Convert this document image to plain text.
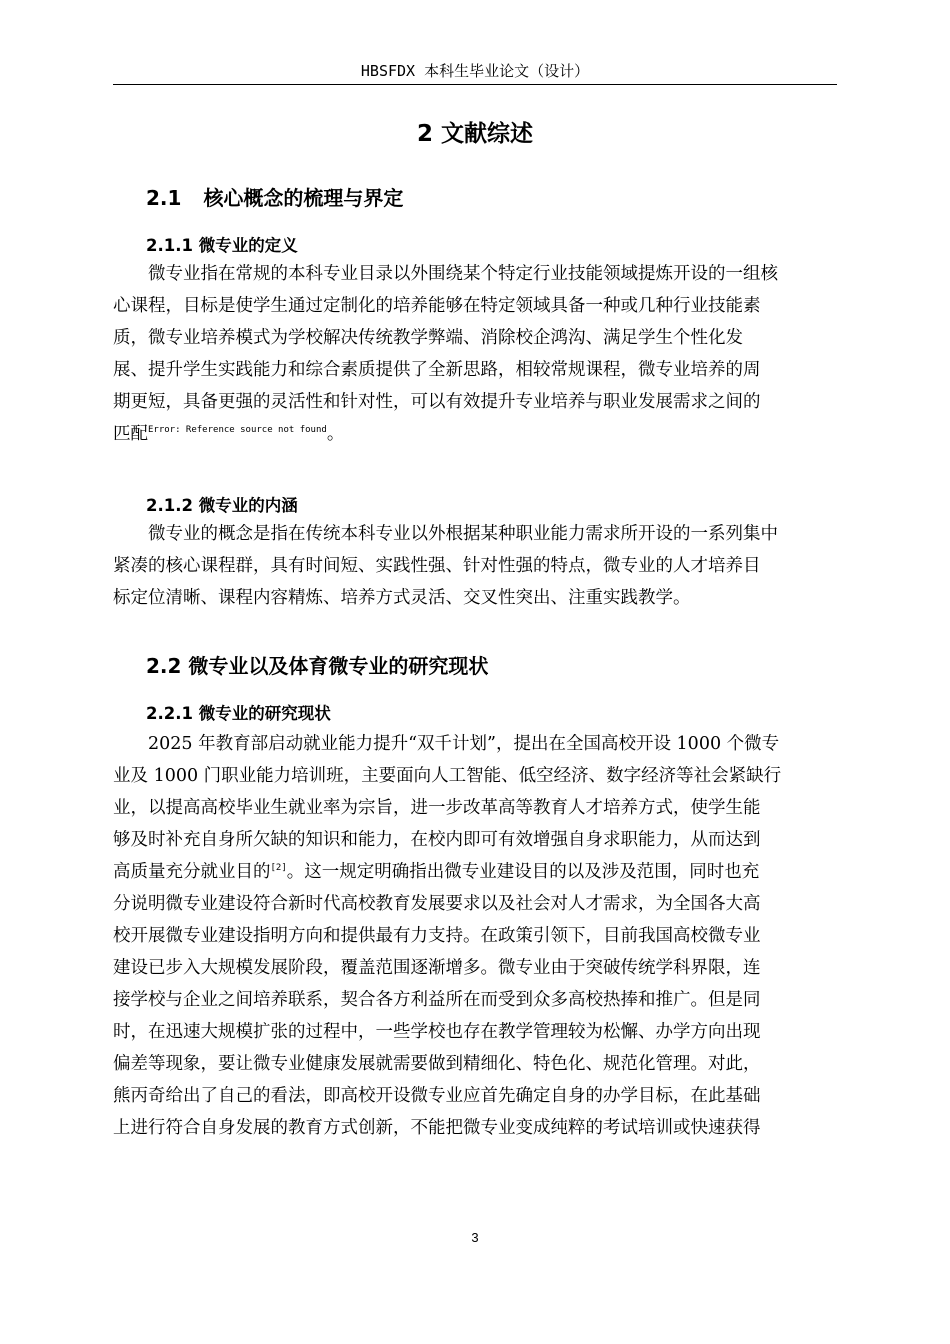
HBSFDX 本科生毕业论文（设计）
2 文献综述
2.1 核心概念的梳理与界定
2.1.1 微专业的定义
微专业指在常规的本科专业目录以外围绕某个特定行业技能领域提炼开设的一组核
心课程，目标是使学生通过定制化的培养能够在特定领域具备一种或几种行业技能素
质，微专业培养模式为学校解决传统教学弊端、消除校企鸿沟、满足学生个性化发
展、提升学生实践能力和综合素质提供了全新思路，相较常规课程，微专业培养的周
期更短，具备更强的灵活性和针对性，可以有效提升专业培养与职业发展需求之间的
匹配$^{Error: Reference source not found}$。
2.1.2 微专业的内涵
微专业的概念是指在传统本科专业以外根据某种职业能力需求所开设的一系列集中
紧凑的核心课程群，具有时间短、实践性强、针对性强的特点，微专业的人才培养目
标定位清晰、课程内容精炼、培养方式灵活、交叉性突出、注重实践教学。
2.2 微专业以及体育微专业的研究现状
2.2.1 微专业的研究现状
2025 年教育部启动就业能力提升“双千计划”，提出在全国高校开设 1000 个微专
业及 1000 门职业能力培训班，主要面向人工智能、低空经济、数字经济等社会紧缺行
业，以提高高校毕业生就业率为宗旨，进一步改革高等教育人才培养方式，使学生能
够及时补充自身所欠缺的知识和能力，在校内即可有效增强自身求职能力，从而达到
高质量充分就业目的[2]。这一规定明确指出微专业建设目的以及涉及范围，同时也充
分说明微专业建设符合新时代高校教育发展要求以及社会对人才需求，为全国各大高
校开展微专业建设指明方向和提供最有力支持。在政策引领下，目前我国高校微专业
建设已步入大规模发展阶段，覆盖范围逐渐增多。微专业由于突破传统学科界限，连
接学校与企业之间培养联系，契合各方利益所在而受到众多高校热捧和推广。但是同
时，在迅速大规模扩张的过程中，一些学校也存在教学管理较为松懈、办学方向出现
偏差等现象，要让微专业健康发展就需要做到精细化、特色化、规范化管理。对此，
熊丙奇给出了自己的看法，即高校开设微专业应首先确定自身的办学目标，在此基础
上进行符合自身发展的教育方式创新，不能把微专业变成纯粹的考试培训或快速获得
3
